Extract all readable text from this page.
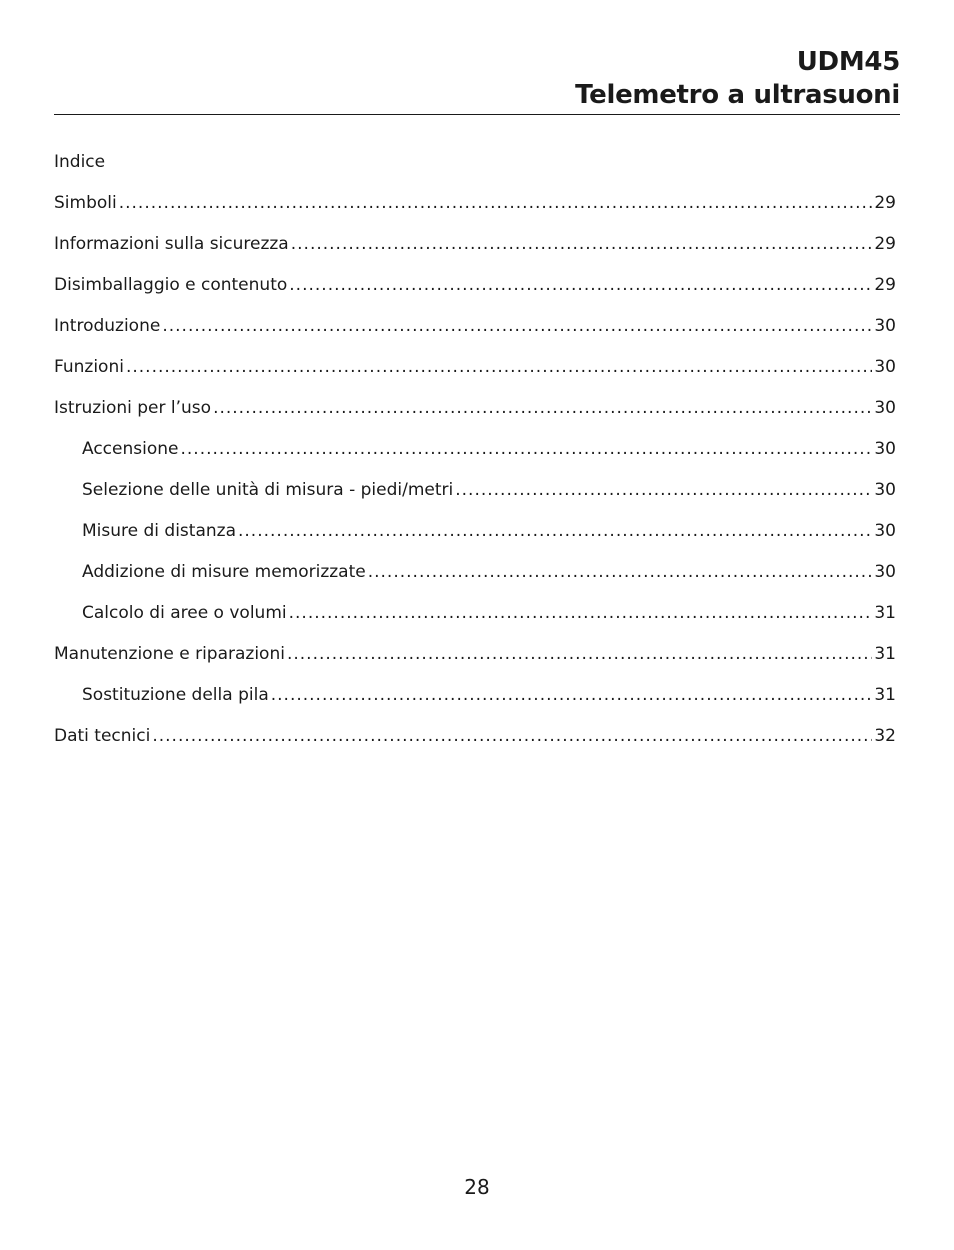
UDM45
Telemetro a ultrasuoni
Indice
Simboli .....	29
Informazioni sulla sicurezza .....	29
Disimballaggio e contenuto .....	29
Introduzione .....	30
Funzioni .....	30
Istruzioni per l’uso .....	30
Accensione .....	30
Selezione delle unità di misura - piedi/metri .....	30
Misure di distanza .....	30
Addizione di misure memorizzate .....	30
Calcolo di aree o volumi .....	31
Manutenzione e riparazioni .....	31
Sostituzione della pila .....	31
Dati tecnici .....	32
28
